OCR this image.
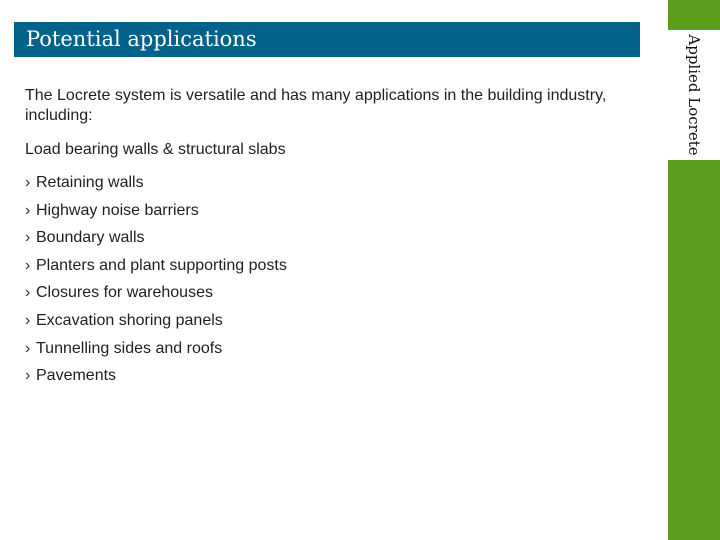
Potential applications	Applied Locrete
The Locrete system is versatile and has many applications in the building industry, including:
Load bearing walls & structural slabs
› Retaining walls
› Highway noise barriers
› Boundary walls
› Planters and plant supporting posts
› Closures for warehouses
› Excavation shoring panels
› Tunnelling sides and roofs
› Pavements
